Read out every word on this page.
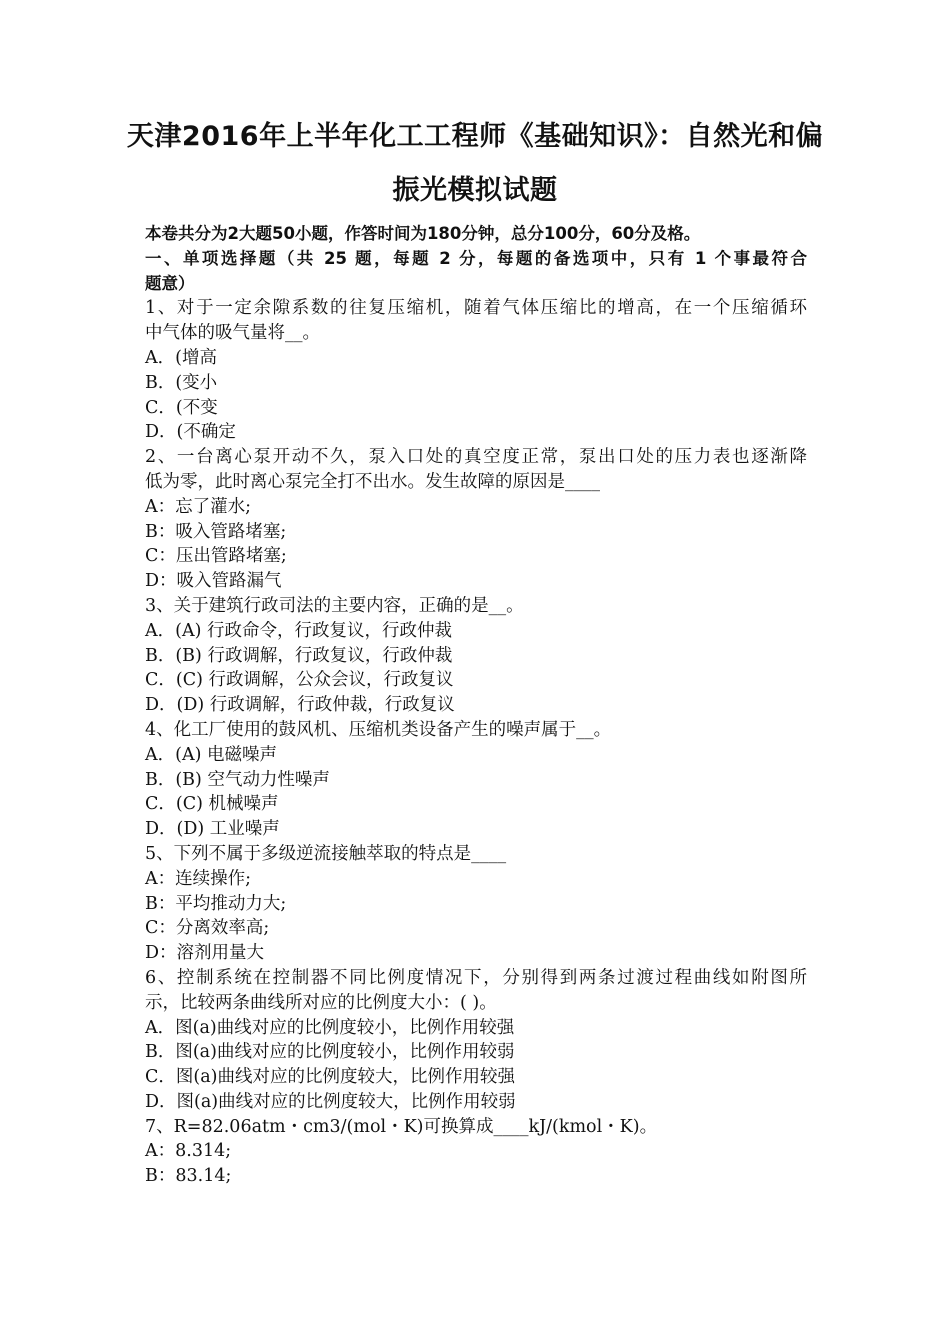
天津2016年上半年化工工程师《基础知识》：自然光和偏
振光模拟试题
本卷共分为2大题50小题，作答时间为180分钟，总分100分，60分及格。
一、单项选择题（共 25 题，每题 2 分，每题的备选项中，只有 1 个事最符合
题意）
1、对于一定余隙系数的往复压缩机，随着气体压缩比的增高，在一个压缩循环
中气体的吸气量将__。
A．(增高
B．(变小
C．(不变
D．(不确定
2、一台离心泵开动不久，泵入口处的真空度正常，泵出口处的压力表也逐渐降
低为零，此时离心泵完全打不出水。发生故障的原因是____
A：忘了灌水;
B：吸入管路堵塞;
C：压出管路堵塞;
D：吸入管路漏气
3、关于建筑行政司法的主要内容，正确的是__。
A．(A) 行政命令，行政复议，行政仲裁
B．(B) 行政调解，行政复议，行政仲裁
C．(C) 行政调解，公众会议，行政复议
D．(D) 行政调解，行政仲裁，行政复议
4、化工厂使用的鼓风机、压缩机类设备产生的噪声属于__。
A．(A) 电磁噪声
B．(B) 空气动力性噪声
C．(C) 机械噪声
D．(D) 工业噪声
5、下列不属于多级逆流接触萃取的特点是____
A：连续操作;
B：平均推动力大;
C：分离效率高;
D：溶剂用量大
6、控制系统在控制器不同比例度情况下，分别得到两条过渡过程曲线如附图所
示，比较两条曲线所对应的比例度大小：( )。
A．图(a)曲线对应的比例度较小，比例作用较强
B．图(a)曲线对应的比例度较小，比例作用较弱
C．图(a)曲线对应的比例度较大，比例作用较强
D．图(a)曲线对应的比例度较大，比例作用较弱
7、R=82.06atm・cm3/(mol・K)可换算成____kJ/(kmol・K)。
A：8.314;
B：83.14;
